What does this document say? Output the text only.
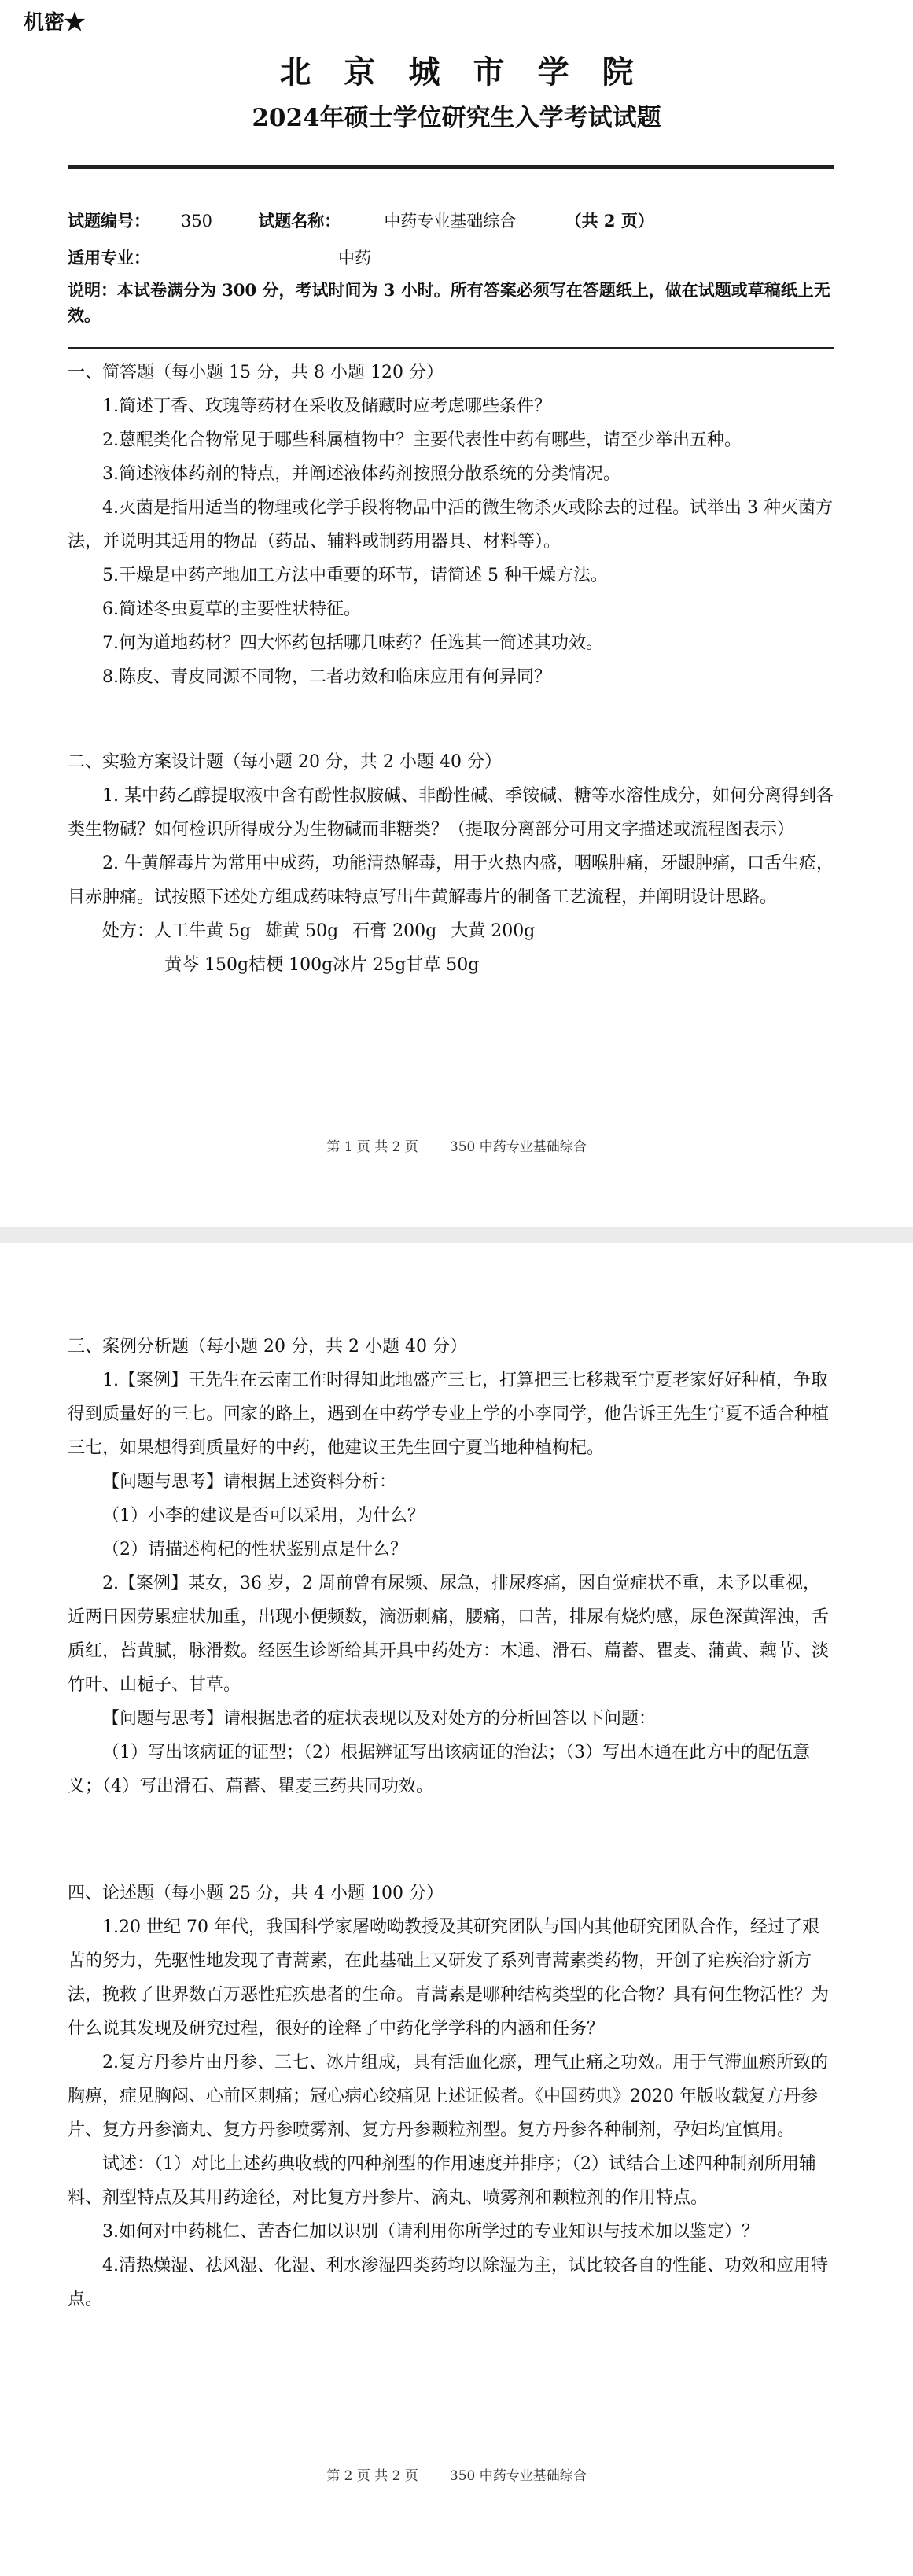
机密★
北京城市学院
2024年硕士学位研究生入学考试试题
试题编号： 350	试题名称：	中药专业基础综合	（共 2 页）
适用专业：	中药
说明：本试卷满分为 300 分，考试时间为 3 小时。所有答案必须写在答题纸上，做在试题或草稿纸上无效。

一、简答题（每小题 15 分，共 8 小题 120 分）

1.简述丁香、玫瑰等药材在采收及储藏时应考虑哪些条件？

2.蒽醌类化合物常见于哪些科属植物中？主要代表性中药有哪些，请至少举出五种。

3.简述液体药剂的特点，并阐述液体药剂按照分散系统的分类情况。

4.灭菌是指用适当的物理或化学手段将物品中活的微生物杀灭或除去的过程。试举出 3 种灭菌方法，并说明其适用的物品（药品、辅料或制药用器具、材料等）。

5.干燥是中药产地加工方法中重要的环节，请简述 5 种干燥方法。

6.简述冬虫夏草的主要性状特征。

7.何为道地药材？四大怀药包括哪几味药？任选其一简述其功效。

8.陈皮、青皮同源不同物，二者功效和临床应用有何异同？

二、实验方案设计题（每小题 20 分，共 2 小题 40 分）

1. 某中药乙醇提取液中含有酚性叔胺碱、非酚性碱、季铵碱、糖等水溶性成分，如何分离得到各类生物碱？如何检识所得成分为生物碱而非糖类？（提取分离部分可用文字描述或流程图表示）

2. 牛黄解毒片为常用中成药，功能清热解毒，用于火热内盛，咽喉肿痛，牙龈肿痛，口舌生疮，目赤肿痛。试按照下述处方组成药味特点写出牛黄解毒片的制备工艺流程，并阐明设计思路。

处方：人工牛黄 5g 雄黄 50g 石膏 200g 大黄 200g

黄芩 150g桔梗 100g冰片 25g甘草 50g

第 1 页 共 2 页 350 中药专业基础综合

三、案例分析题（每小题 20 分，共 2 小题 40 分）

1.【案例】王先生在云南工作时得知此地盛产三七，打算把三七移栽至宁夏老家好好种植，争取得到质量好的三七。回家的路上，遇到在中药学专业上学的小李同学，他告诉王先生宁夏不适合种植三七，如果想得到质量好的中药，他建议王先生回宁夏当地种植枸杞。

【问题与思考】请根据上述资料分析：

（1）小李的建议是否可以采用，为什么？

（2）请描述枸杞的性状鉴别点是什么？

2.【案例】某女，36 岁，2 周前曾有尿频、尿急，排尿疼痛，因自觉症状不重，未予以重视，近两日因劳累症状加重，出现小便频数，滴沥刺痛，腰痛，口苦，排尿有烧灼感，尿色深黄浑浊，舌质红，苔黄腻，脉滑数。经医生诊断给其开具中药处方：木通、滑石、萹蓄、瞿麦、蒲黄、藕节、淡竹叶、山栀子、甘草。

【问题与思考】请根据患者的症状表现以及对处方的分析回答以下问题：

（1）写出该病证的证型；（2）根据辨证写出该病证的治法；（3）写出木通在此方中的配伍意义；（4）写出滑石、萹蓄、瞿麦三药共同功效。

四、论述题（每小题 25 分，共 4 小题 100 分）

1.20 世纪 70 年代，我国科学家屠呦呦教授及其研究团队与国内其他研究团队合作，经过了艰苦的努力，先驱性地发现了青蒿素，在此基础上又研发了系列青蒿素类药物，开创了疟疾治疗新方法，挽救了世界数百万恶性疟疾患者的生命。青蒿素是哪种结构类型的化合物？具有何生物活性？为什么说其发现及研究过程，很好的诠释了中药化学学科的内涵和任务？

2.复方丹参片由丹参、三七、冰片组成，具有活血化瘀，理气止痛之功效。用于气滞血瘀所致的胸痹，症见胸闷、心前区刺痛；冠心病心绞痛见上述证候者。《中国药典》2020 年版收载复方丹参片、复方丹参滴丸、复方丹参喷雾剂、复方丹参颗粒剂型。复方丹参各种制剂，孕妇均宜慎用。

试述：（1）对比上述药典收载的四种剂型的作用速度并排序；（2）试结合上述四种制剂所用辅料、剂型特点及其用药途径，对比复方丹参片、滴丸、喷雾剂和颗粒剂的作用特点。

3.如何对中药桃仁、苦杏仁加以识别（请利用你所学过的专业知识与技术加以鉴定）？

4.清热燥湿、祛风湿、化湿、利水渗湿四类药均以除湿为主，试比较各自的性能、功效和应用特点。

第 2 页 共 2 页 350 中药专业基础综合
